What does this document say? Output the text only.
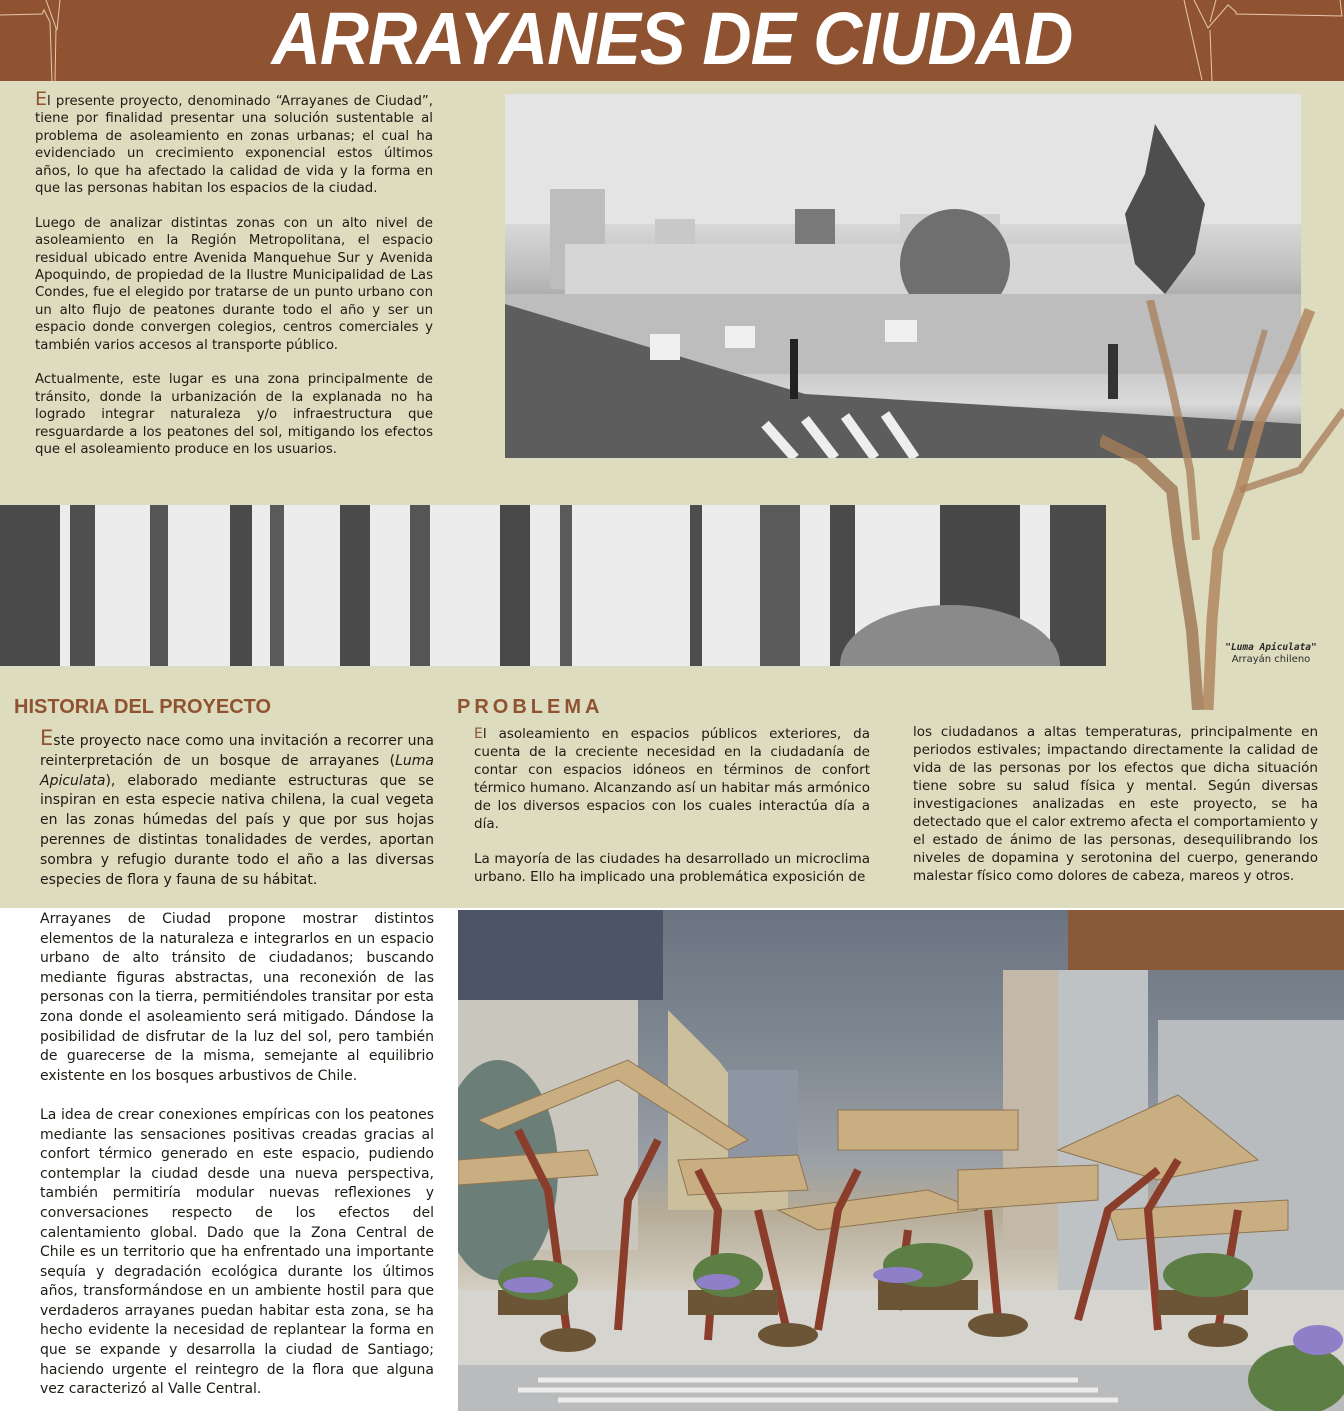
ARRAYANES DE CIUDAD

El presente proyecto, denominado “Arrayanes de Ciudad”, tiene por finalidad presentar una solución sustentable al problema de asoleamiento en zonas urbanas; el cual ha evidenciado un crecimiento exponencial estos últimos años, lo que ha afectado la calidad de vida y la forma en que las personas habitan los espacios de la ciudad.

Luego de analizar distintas zonas con un alto nivel de asoleamiento en la Región Metropolitana, el espacio residual ubicado entre Avenida Manquehue Sur y Avenida Apoquindo, de propiedad de la Ilustre Municipalidad de Las Condes, fue el elegido por tratarse de un punto urbano con un alto flujo de peatones durante todo el año y ser un espacio donde convergen colegios, centros comerciales y también varios accesos al transporte público.

Actualmente, este lugar es una zona principalmente de tránsito, donde la urbanización de la explanada no ha logrado integrar naturaleza y/o infraestructura que resguardarde a los peatones del sol, mitigando los efectos que el asoleamiento produce en los usuarios.

"Luma Apiculata"
Arrayán chileno
HISTORIA DEL PROYECTO

Este proyecto nace como una invitación a recorrer una reinterpretación de un bosque de arrayanes (Luma Apiculata), elaborado mediante estructuras que se inspiran en esta especie nativa chilena, la cual vegeta en las zonas húmedas del país y que por sus hojas perennes de distintas tonalidades de verdes, aportan sombra y refugio durante todo el año a las diversas especies de flora y fauna de su hábitat.

PROBLEMA

El asoleamiento en espacios públicos exteriores, da cuenta de la creciente necesidad en la ciudadanía de contar con espacios idóneos en términos de confort térmico humano. Alcanzando así un habitar más armónico de los diversos espacios con los cuales interactúa día a día.

La mayoría de las ciudades ha desarrollado un microclima urbano. Ello ha implicado una problemática exposición de

los ciudadanos a altas temperaturas, principalmente en periodos estivales; impactando directamente la calidad de vida de las personas por los efectos que dicha situación tiene sobre su salud física y mental. Según diversas investigaciones analizadas en este proyecto, se ha detectado que el calor extremo afecta el comportamiento y el estado de ánimo de las personas, desequilibrando los niveles de dopamina y serotonina del cuerpo, generando malestar físico como dolores de cabeza, mareos y otros.

Arrayanes de Ciudad propone mostrar distintos elementos de la naturaleza e integrarlos en un espacio urbano de alto tránsito de ciudadanos; buscando mediante figuras abstractas, una reconexión de las personas con la tierra, permitiéndoles transitar por esta zona donde el asoleamiento será mitigado. Dándose la posibilidad de disfrutar de la luz del sol, pero también de guarecerse de la misma, semejante al equilibrio existente en los bosques arbustivos de Chile.

La idea de crear conexiones empíricas con los peatones mediante las sensaciones positivas creadas gracias al confort térmico generado en este espacio, pudiendo contemplar la ciudad desde una nueva perspectiva, también permitiría modular nuevas reflexiones y conversaciones respecto de los efectos del calentamiento global. Dado que la Zona Central de Chile es un territorio que ha enfrentado una importante sequía y degradación ecológica durante los últimos años, transformándose en un ambiente hostil para que verdaderos arrayanes puedan habitar esta zona, se ha hecho evidente la necesidad de replantear la forma en que se expande y desarrolla la ciudad de Santiago; haciendo urgente el reintegro de la flora que alguna vez caracterizó al Valle Central.
